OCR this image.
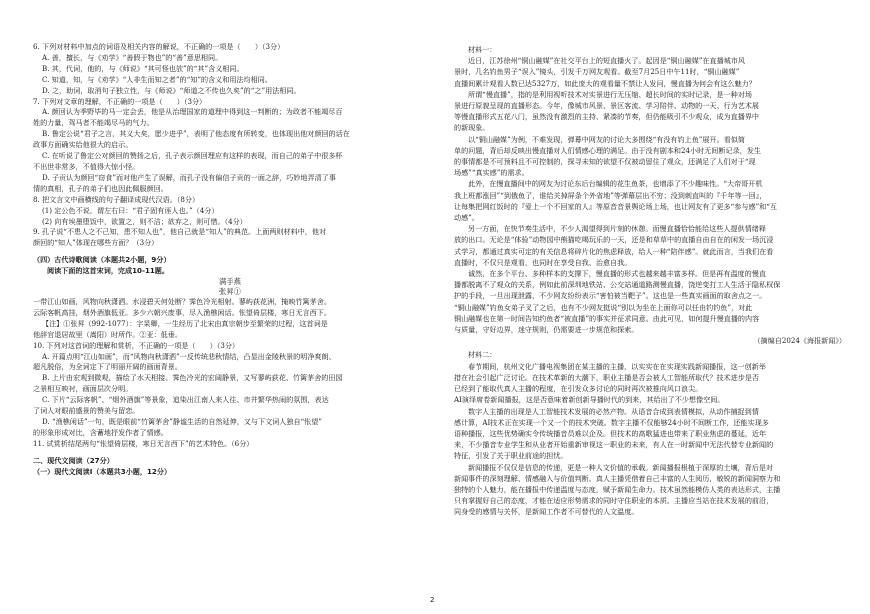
6. 下列对材料中加点的词语及相关内容的解说，不正确的一项是（　　）（3分）

A. 善，擅长，与《劝学》“善假于物也”的“善”意思相同。

B. 其，代词，他的，与《师说》“其可怪也欤”的“其”含义相同。

C. 知道，知，与《劝学》“人非生而知之者”的“知”的含义和用法均相同。

D. 之，助词，取消句子独立性，与《师说》“师道之不传也久矣”的“之”用法相同。

7. 下列对文章的理解，不正确的一项是（　　）（3分）

A. 颜回认为季野毕的马一定会丢，他是从治理国家的道理中得到这一判断的；为政者不能竭尽百

姓的力量，驾马者不能竭尽马的气力。

B. 鲁定公说“君子之言，其义大矣，愿少进乎”，表明了他态度有所转变，也体现出他对颜回的话在

政事方面确实给他很大的启示。

C. 在听说了鲁定公对颜回的赞扬之后，孔子表示颜回理应有这样的表现，而自己的弟子中很多杯

不出世非常多，不值得大惊小怪。

D. 子贡认为颜回“窃食”而对他产生了误解，而孔子没有偏信子贡的一面之辞，巧妙地弄清了事

情的真相，孔子的弟子们也因此佩服颜回。

8. 把文言文中画横线的句子翻译成现代汉语。（8分）

(1) 定公色不说，谓左右曰：“君子固有诬人也。”（4分）

(2) 向有埃墨堕饭中，欲置之，则不洁；欲弃之，则可惜。（4分）

9. 孔子说“不患人之不己知，患不知人也”，他自己就是“知人”的典范。上面两则材料中，他对

颜回的“知人”体现在哪些方面？（3分）

（四）古代诗歌阅读（本题共2小题，9分）

阅读下面的这首宋词，完成10-11题。

满手燕

张昇①

一带江山如画，风物向秋潇洒。水浸碧天何处断？霁色冷光相射。蓼屿荻花洲，掩映竹篱茅舍。

云际客帆高挂，烟外酒旗低亚。多少六朝兴废事，尽入渔樵闲话。怅望倚层楼，寒日无言西下。

【注】①张昇（992-1077）：字杲卿，一生经历了北宋由真宗朝步至繁荣的过程，这首词是

他辞官退居故里（嵩阳）时所作。②亚：低垂。

10. 下列对这首词的理解和赏析，不正确的一项是（　　）（3分）

A. 开篇点明“江山如画”，而“风物向秋潇洒”一反传统悲秋情结，凸显出金陵秋景的明净爽朗、

超凡脱俗，为全词定下了明丽开阔的画面背景。

B. 上片由宏观到微观，描绘了水天相接、霁色冷光的宏阔静景，又写蓼屿荻花、竹篱茅舍的田园

之景相互映衬，画面层次分明。

C. 下片“云际客帆”、“烟外酒旗”等景象，追染出江南人来人往、市井繁华热闹的氛围，表达

了词人对眼前盛景的赞美与留恋。

D. “渔樵闲话”一句，既是眼前“竹篱茅舍”静谧生活的自然延伸，又与下文词人独自“怅望”

的形象形成对比，含蓄地抒发作者了情感。

11. 试赏析结尾两句“怅望倚层楼，寒日无言西下”的艺术特色。（6分）

二、现代文阅读（27分）

（一）现代文阅读Ⅰ（本题共3小题，12分）

材料一：

近日，江苏徐州“铜山融媒”在社交平台上的短直播火了。起因是“铜山融媒”在直播城市风

景时，几名钓鱼男子“误入”镜头，引发千万网友观看。截至7月25日中午11时，“铜山融媒”

直播间累计观看人数已达5327万，如此庞大的观看量不禁让人发问，慢直播为何会有这么魅力？

所谓“慢直播”，指的是利用视听技术对实景进行无压缩、超长时间的实时记录，是一种对场

景进行原貌呈现的直播形态。今年，像城市风景、景区客流、学习陪伴、动物的一天、行为艺术展

等慢直播形式五花八门，虽然没有激烈的主持、紧凑的节奏，但仍能吸引不少观众，成为直播界中

的新现象。

以“铜山融媒”为例，不难发现，弹幕中网友的讨论大多围绕“有没有钓上鱼”展开。看似简

单的问题，背后却反映出慢直播对人们情感心理的满足。由于没有剧本和24小时无间断记录，发生

的事情都是不可预料且不可控制的，探寻未知的欲望不仅被动留住了观众，还满足了人们对于“现

场感”“真实感”的需求。

此外，在慢直播间中的网友为讨论东后台编辑的花生鱼茶，也增添了不少趣味性。“大帝哥开机

我上班都涨回”“到俄鱼了，谁给关掉屏条个外省地”等弹幕层出不穷；没到刺直叫的『千年等一回』，

让每集把网红饭时的『爱上一个不回家的人』等原音音景舆论场上场，也让网友有了更多“参与感”和“互

动感”。

另一方面，在快节奏生活中，不少人渴望得到片刻的休憩。而慢直播恰恰能给这些人提供情绪释

放的出口。无论是“体验”动物园中熊猫吃喝玩乐的一天，还是和草草中的直播自由自在的闲发一场沉浸

式学习，都通过真实可定的有关信息将碎片化的焦虑释放，给人一种“陪伴感”。就此而言，当我们在看

直播时，不仅只是观看，也同时在享受自我、治愈自我。

诚然，在多个平台、多种样本的支撑下，慢直播的形式也越来越丰富多样。但是再有温度的慢直

播都脱离不了观众的关系，例如此前深圳地铁站、公交站通道路测慢直播，饶逆变打工人生活于隐私权保

护的手段，一旦出现泄露，不少网友纷纷表示“害怕被当靶子”。这也是一些真实画面的取舍点之一。

“铜山融媒”钓鱼女弟子叉了之后，也有不少网友挺说“别以为坐在上面你可以任由钓钓鱼”，对此

铜山融媒也在第一时间告知约鱼者“被直播”的事实并征求同意。由此可见，如何提升慢直播的内容

与质量，守好边界，迷守规则，仍需要进一步规范和探索。

（摘编自2024《海报新闻》）

材料二：

春节期间，杭州文化广播电视集团在某主播的主播，以实实在在实现实践新闻播报，这一创新举

措在社会引起广泛讨论。在技术革新的大潮下，职业主播是否会被人工智能所取代？技术进步是否

已经到了能取代真人主播的程度，在引发众多讨论的同时再次被推向风口浪尖。

AI演绎席卷新闻播报，这是否意味着新创新导播时代的到来，其给出了不少想像空间。

数字人主播的出现是人工智能技术发展的必然产物。从语音合成到表情模拟，从动作捕捉到情

感计算，AI技术正在实现一个又一个的技术突破。数字主播不仅能够24小时不间断工作，还能实现多

语种播报，这些优势确实令传统播音员难以企及。但技术的高歌猛进也带来了职业焦虑的蔓延，近年

来，不少播音专业学生和从业者开始重新审视这一职业的未来，有人在一时新闻中无法代替专业新闻的

特征，引发了关于职业前途的担忧。

新闻播报不仅仅是信息的传递，更是一种人文价值的承载。新闻播报根植于深厚的土壤，背后是对

新闻事件的深刻理解、情感融入与价值判断。真人主播凭借着自己丰富的人生阅历，敏锐的新闻洞察力和

独特的个人魅力，能在播报中传递温度与态度，赋予新闻生命力。技术虽然能模仿人类的表达形式，主播

只有掌握好自己的态度，才能在适应形势需求的同时守住职业的本质。主播应当站在技术发展的前沿，

同身受的感情与关怀，是新闻工作者不可替代的人文温度。

2
